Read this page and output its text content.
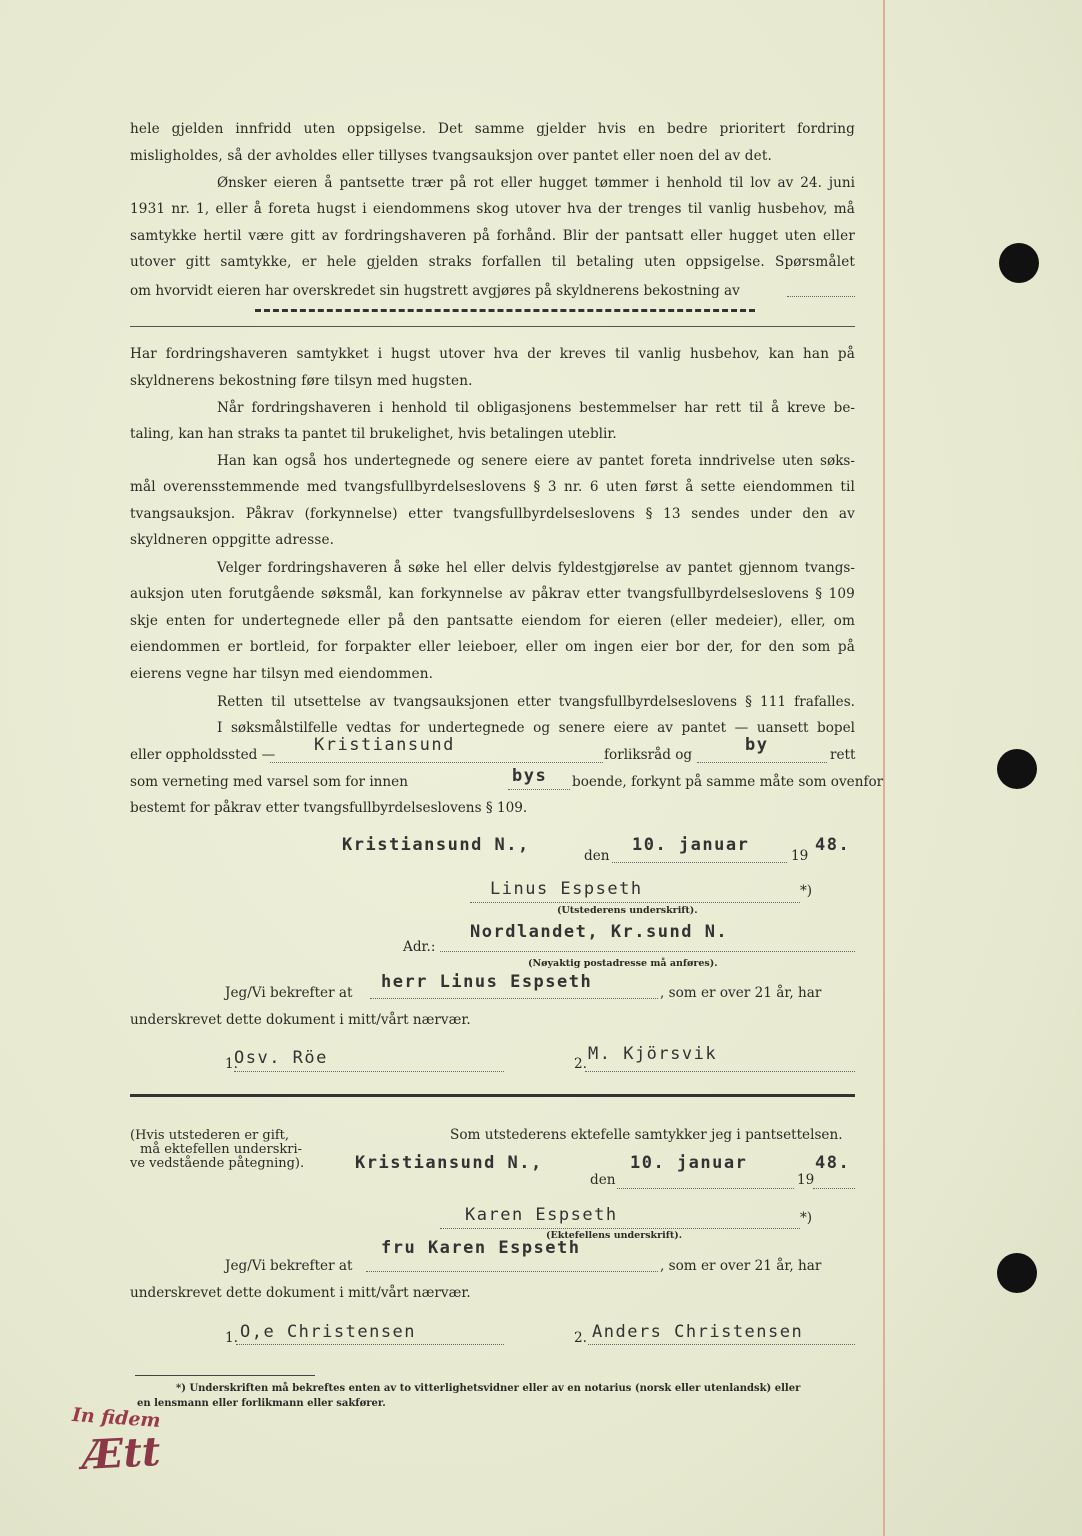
hele gjelden innfridd uten oppsigelse. Det samme gjelder hvis en bedre prioritert fordring misligholdes, så der avholdes eller tillyses tvangsauksjon over pantet eller noen del av det.
Ønsker eieren å pantsette trær på rot eller hugget tømmer i henhold til lov av 24. juni
1931 nr. 1, eller å foreta hugst i eiendommens skog utover hva der trenges til vanlig husbehov, må samtykke hertil være gitt av fordringshaveren på forhånd. Blir der pantsatt eller hugget uten eller utover gitt samtykke, er hele gjelden straks forfallen til betaling uten oppsigelse. Spørsmålet
om hvorvidt eieren har overskredet sin hugstrett avgjøres på skyldnerens bekostning av
Har fordringshaveren samtykket i hugst utover hva der kreves til vanlig husbehov, kan han på skyldnerens bekostning føre tilsyn med hugsten.
Når fordringshaveren i henhold til obligasjonens bestemmelser har rett til å kreve be-
taling, kan han straks ta pantet til brukelighet, hvis betalingen uteblir.
Han kan også hos undertegnede og senere eiere av pantet foreta inndrivelse uten søks-
mål overensstemmende med tvangsfullbyrdelseslovens § 3 nr. 6 uten først å sette eiendommen til tvangsauksjon. Påkrav (forkynnelse) etter tvangsfullbyrdelseslovens § 13 sendes under den av skyldneren oppgitte adresse.
Velger fordringshaveren å søke hel eller delvis fyldestgjørelse av pantet gjennom tvangs-
auksjon uten forutgående søksmål, kan forkynnelse av påkrav etter tvangsfullbyrdelseslovens § 109 skje enten for undertegnede eller på den pantsatte eiendom for eieren (eller medeier), eller, om eiendommen er bortleid, for forpakter eller leieboer, eller om ingen eier bor der, for den som på eierens vegne har tilsyn med eiendommen.
Retten til utsettelse av tvangsauksjonen etter tvangsfullbyrdelseslovens § 111 frafalles.
I søksmålstilfelle vedtas for undertegnede og senere eiere av pantet — uansett bopel
eller oppholdssted — Kristiansund	forliksråd og	by	rett
som verneting med varsel som for innen	bys boende, forkynt på samme måte som ovenfor
bestemt for påkrav etter tvangsfullbyrdelseslovens § 109.
Kristiansund N.,
den
10. januar
19
48.
Linus Espseth	*)
(Utstederens underskrift).
Adr.:
Nordlandet, Kr.sund N.
(Nøyaktig postadresse må anføres).
Jeg/Vi bekrefter at
herr Linus Espseth
, som er over 21 år, har
underskrevet dette dokument i mitt/vårt nærvær.
1.
Osv. Röe	2. M. Kjörsvik
(Hvis utstederen er gift,
må ektefellen underskri-
ve vedstående påtegning).
Som utstederens ektefelle samtykker jeg i pantsettelsen.
Kristiansund N.,
den
10. januar
19
48.
Karen Espseth	*)
(Ektefellens underskrift).
Jeg/Vi bekrefter at
fru Karen Espseth
, som er over 21 år, har
underskrevet dette dokument i mitt/vårt nærvær.
1. O,e Christensen	2. Anders Christensen
*) Underskriften må bekreftes enten av to vitterlighetsvidner eller av en notarius (norsk eller utenlandsk) eller
en lensmann eller forlikmann eller sakfører.
In fidem
Ætt
